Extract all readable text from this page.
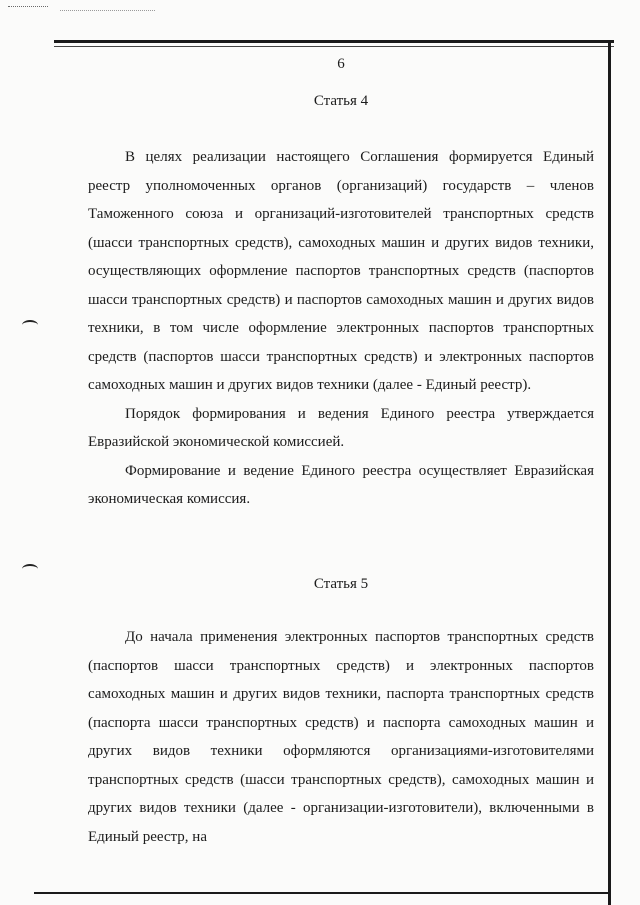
6
Статья 4

В целях реализации настоящего Соглашения формируется Единый реестр уполномоченных органов (организаций) государств – членов Таможенного союза и организаций-изготовителей транспортных средств (шасси транспортных средств), самоходных машин и других видов техники, осуществляющих оформление паспортов транспортных средств (паспортов шасси транспортных средств) и паспортов самоходных машин и других видов техники, в том числе оформление электронных паспортов транспортных средств (паспортов шасси транспортных средств) и электронных паспортов самоходных машин и других видов техники (далее - Единый реестр).

Порядок формирования и ведения Единого реестра утверждается Евразийской экономической комиссией.

Формирование и ведение Единого реестра осуществляет Евразийская экономическая комиссия.

Статья 5

До начала применения электронных паспортов транспортных средств (паспортов шасси транспортных средств) и электронных паспортов самоходных машин и других видов техники, паспорта транспортных средств (паспорта шасси транспортных средств) и паспорта самоходных машин и других видов техники оформляются организациями-изготовителями транспортных средств (шасси транспортных средств), самоходных машин и других видов техники (далее - организации-изготовители), включенными в Единый реестр, на
